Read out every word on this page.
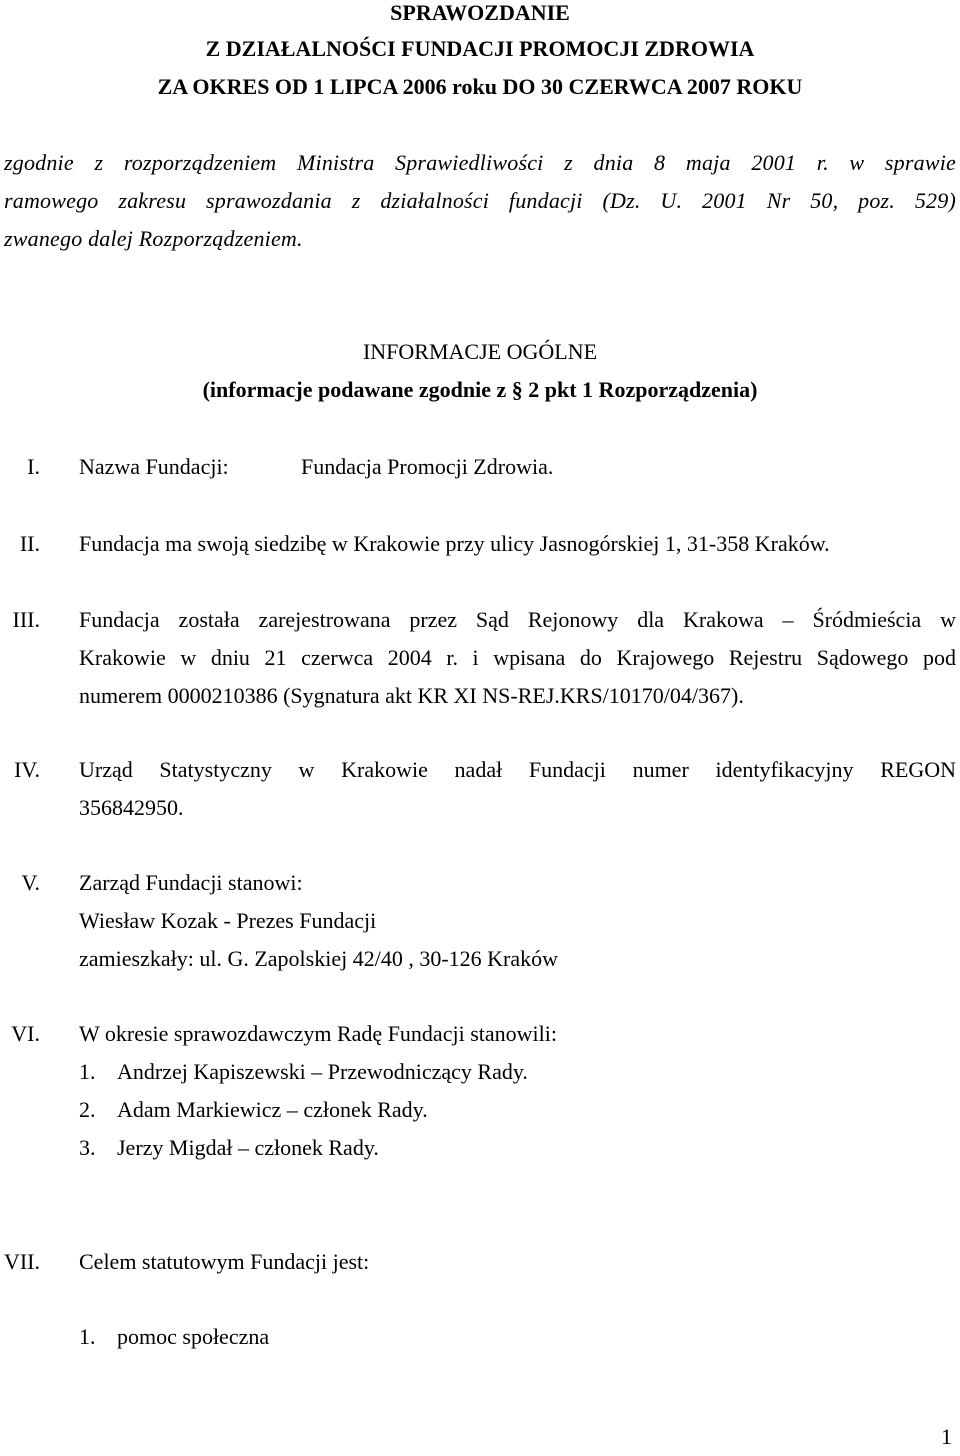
SPRAWOZDANIE
Z DZIAŁALNOŚCI FUNDACJI PROMOCJI ZDROWIA
ZA OKRES OD 1 LIPCA 2006 roku DO 30 CZERWCA 2007 ROKU
zgodnie z rozporządzeniem Ministra Sprawiedliwości z dnia 8 maja 2001 r. w sprawie
ramowego zakresu sprawozdania z działalności fundacji (Dz. U. 2001 Nr 50, poz. 529)
zwanego dalej Rozporządzeniem.
INFORMACJE OGÓLNE
(informacje podawane zgodnie z § 2 pkt 1 Rozporządzenia)
I. Nazwa Fundacji:	Fundacja Promocji Zdrowia.
II. Fundacja ma swoją siedzibę w Krakowie przy ulicy Jasnogórskiej 1, 31-358 Kraków.
III. Fundacja została zarejestrowana przez Sąd Rejonowy dla Krakowa – Śródmieścia w
Krakowie w dniu 21 czerwca 2004 r. i wpisana do Krajowego Rejestru Sądowego pod
numerem 0000210386 (Sygnatura akt KR XI NS-REJ.KRS/10170/04/367).
IV. Urząd Statystyczny w Krakowie nadał Fundacji numer identyfikacyjny REGON
356842950.
V. Zarząd Fundacji stanowi:
Wiesław Kozak - Prezes Fundacji
zamieszkały: ul. G. Zapolskiej 42/40 , 30-126 Kraków
VI. W okresie sprawozdawczym Radę Fundacji stanowili:
1. Andrzej Kapiszewski – Przewodniczący Rady.
2. Adam Markiewicz – członek Rady.
3. Jerzy Migdał – członek Rady.
VII. Celem statutowym Fundacji jest:
1. pomoc społeczna
1
